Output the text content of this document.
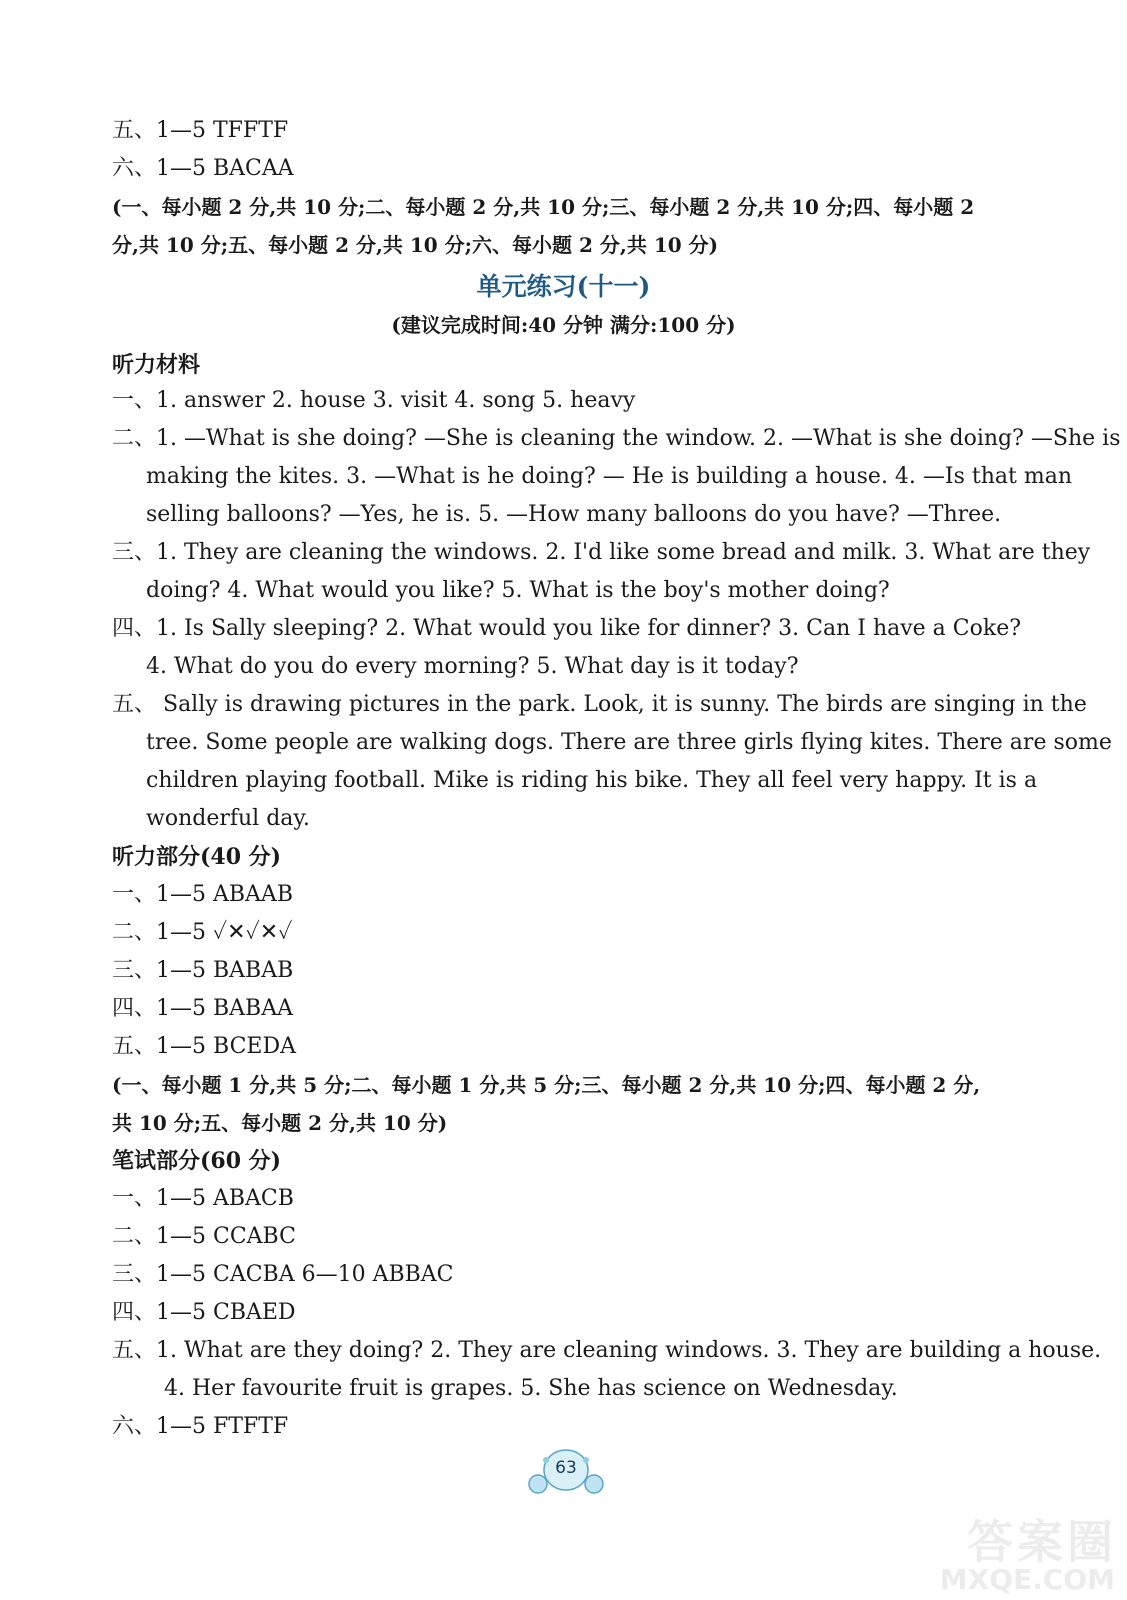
五、1—5 TFFTF
六、1—5 BACAA
(一、每小题 2 分,共 10 分;二、每小题 2 分,共 10 分;三、每小题 2 分,共 10 分;四、每小题 2
分,共 10 分;五、每小题 2 分,共 10 分;六、每小题 2 分,共 10 分)
单元练习(十一)
(建议完成时间:40 分钟 满分:100 分)
听力材料
一、1. answer 2. house 3. visit 4. song 5. heavy
二、1. —What is she doing? —She is cleaning the window. 2. —What is she doing? —She is
making the kites. 3. —What is he doing? — He is building a house. 4. —Is that man
selling balloons? —Yes, he is. 5. —How many balloons do you have? —Three.
三、1. They are cleaning the windows. 2. I'd like some bread and milk. 3. What are they
doing? 4. What would you like? 5. What is the boy's mother doing?
四、1. Is Sally sleeping? 2. What would you like for dinner? 3. Can I have a Coke?
4. What do you do every morning? 5. What day is it today?
五、 Sally is drawing pictures in the park. Look, it is sunny. The birds are singing in the
tree. Some people are walking dogs. There are three girls flying kites. There are some
children playing football. Mike is riding his bike. They all feel very happy. It is a
wonderful day.
听力部分(40 分)
一、1—5 ABAAB
二、1—5 ✓✕✓✕✓
三、1—5 BABAB
四、1—5 BABAA
五、1—5 BCEDA
(一、每小题 1 分,共 5 分;二、每小题 1 分,共 5 分;三、每小题 2 分,共 10 分;四、每小题 2 分,
共 10 分;五、每小题 2 分,共 10 分)
笔试部分(60 分)
一、1—5 ABACB
二、1—5 CCABC
三、1—5 CACBA 6—10 ABBAC
四、1—5 CBAED
五、1. What are they doing? 2. They are cleaning windows. 3. They are building a house.
4. Her favourite fruit is grapes. 5. She has science on Wednesday.
六、1—5 FTFTF
63
答案圈
MXQE.COM
